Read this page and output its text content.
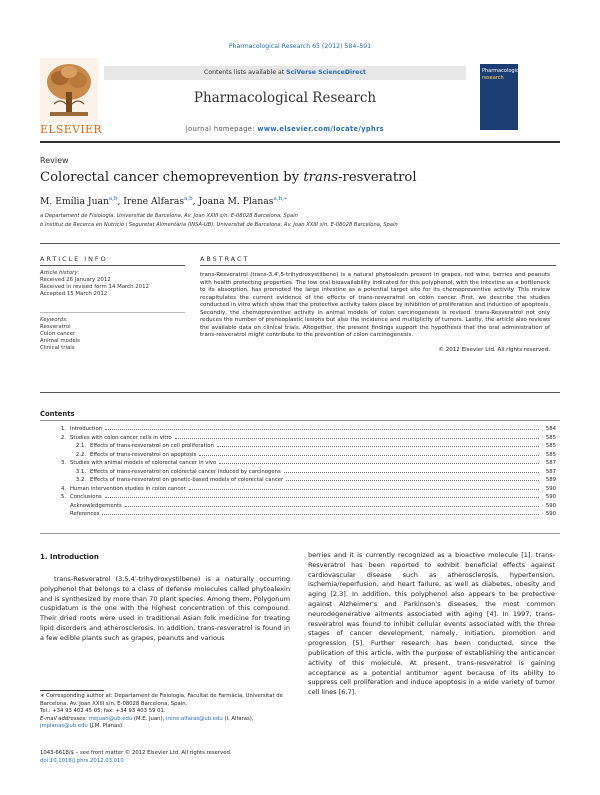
Pharmacological Research 65 (2012) 584–591
ELSEVIER
Contents lists available at SciVerse ScienceDirect
Pharmacological Research
journal homepage: www.elsevier.com/locate/yphrs
Pharmacological
research
Review
Colorectal cancer chemoprevention by trans-resveratrol
M. Emília Juan$^{a,b}$, Irene Alfaras$^{a,b}$, Joana M. Planas$^{a,b,∗}$
a Departament de Fisiologia, Universitat de Barcelona, Av. Joan XXIII s/n, E-08028 Barcelona, Spain
b Institut de Recerca en Nutrició i Seguretat Alimentària (INSA-UB), Universitat de Barcelona, Av. Joan XXIII s/n, E-08028 Barcelona, Spain
ARTICLE INFO	ABSTRACT
Article history:
Received 26 January 2012
Received in revised form 14 March 2012
Accepted 15 March 2012
Keywords:
Resveratrol
Colon cancer
Animal models
Clinical trials
trans-Resveratrol (trans-3,4′,5-trihydroxystilbene) is a natural phytoalexin present in grapes, red wine, berries and peanuts with health protecting properties. The low oral bioavailability indicated for this polyphenol, with the intestine as a bottleneck to its absorption, has promoted the large intestine as a potential target site for its chemopreventive activity. This review recapitulates the current evidence of the effects of trans-resveratrol on colon cancer. First, we describe the studies conducted in vitro which show that the protective activity takes place by inhibition of proliferation and induction of apoptosis. Secondly, the chemopreventive activity in animal models of colon carcinogenesis is revised. trans-Resveratrol not only reduces the number of preneoplastic lesions but also the incidence and multiplicity of tumors. Lastly, the article also reviews the available data on clinical trials. Altogether, the present findings support the hypothesis that the oral administration of trans-resveratrol might contribute to the prevention of colon carcinogenesis.
© 2012 Elsevier Ltd. All rights reserved.
Contents
1. Introduction	584
2. Studies with colon cancer cells in vitro	585
2.1. Effects of trans-resveratrol on cell proliferation	585
2.2. Effects of trans-resveratrol on apoptosis	585
3. Studies with animal models of colorectal cancer in vivo	587
3.1. Effects of trans-resveratrol on colorectal cancer induced by carcinogens	587
3.2. Effects of trans-resveratrol on genetic-based models of colorectal cancer	589
4. Human intervention studies in colon cancer	590
5. Conclusions	590
Acknowledgements	590
References	590
1. Introduction

trans-Resveratrol (3,5,4′-trihydroxystilbene) is a naturally occurring polyphenol that belongs to a class of defense molecules called phytoalexin and is synthesized by more than 70 plant species. Among them, Polygonum cuspidatum is the one with the highest concentration of this compound. Their dried roots were used in traditional Asian folk medicine for treating lipid disorders and atherosclerosis. In addition, trans-resveratrol is found in a few edible plants such as grapes, peanuts and various

berries and it is currently recognized as a bioactive molecule [1]. trans-Resveratrol has been reported to exhibit beneficial effects against cardiovascular disease such as atherosclerosis, hypertension, ischemia/reperfusion, and heart failure, as well as diabetes, obesity and aging [2,3]. In addition, this polyphenol also appears to be protective against Alzheimer's and Parkinson's diseases, the most common neurodegenerative ailments associated with aging [4]. In 1997, trans-resveratrol was found to inhibit cellular events associated with the three stages of cancer development, namely, initiation, promotion and progression [5]. Further research has been conducted, since the publication of this article, with the purpose of establishing the anticancer activity of this molecule. At present, trans-resveratrol is gaining acceptance as a potential antitumor agent because of its ability to suppress cell proliferation and induce apoptosis in a wide variety of tumor cell lines [6,7].

∗ Corresponding author at: Departament de Fisiologia, Facultat de Farmàcia, Universitat de Barcelona, Av. Joan XXIII s/n, E-08028 Barcelona, Spain.
Tel.: +34 93 402 45 05; fax: +34 93 403 59 01.
E-mail addresses: mejuan@ub.edu (M.E. Juan), irene.alfaras@ub.edu (I. Alfaras),
jmplanas@ub.edu (J.M. Planas).
1043-6618/$ – see front matter © 2012 Elsevier Ltd. All rights reserved.
doi:10.1016/j.phrs.2012.03.010
